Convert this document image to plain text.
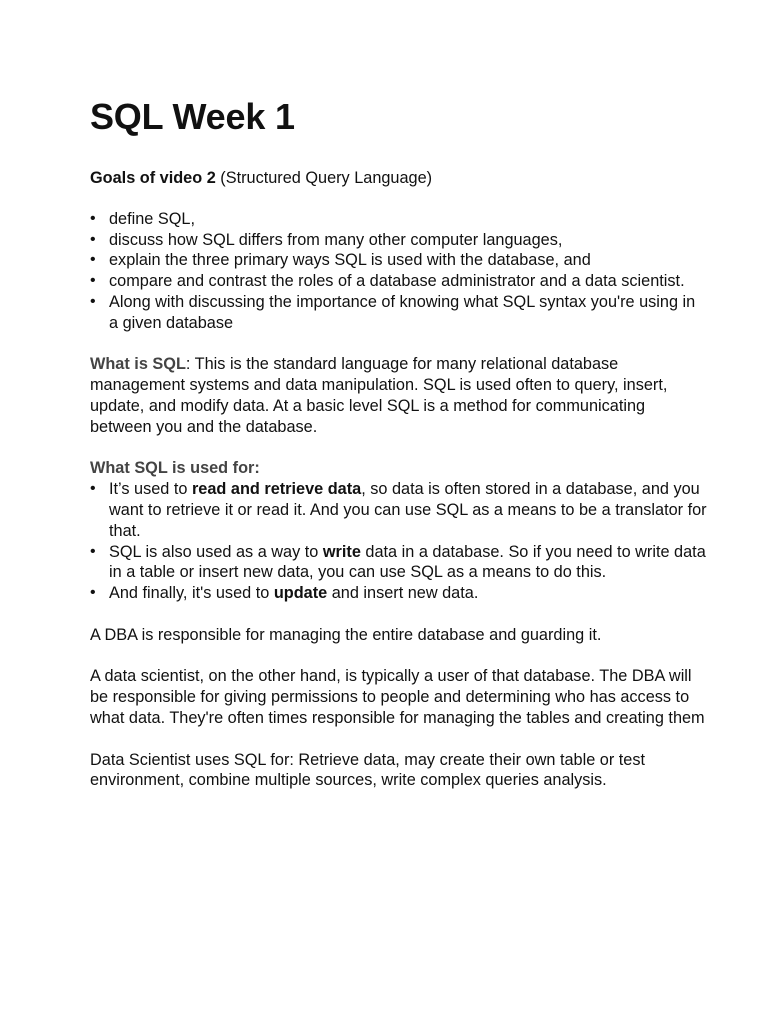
SQL Week 1

Goals of video 2 (Structured Query Language)

• define SQL,
• discuss how SQL differs from many other computer languages,
• explain the three primary ways SQL is used with the database, and
• compare and contrast the roles of a database administrator and a data scientist.
• Along with discussing the importance of knowing what SQL syntax you're using in a given database

What is SQL: This is the standard language for many relational database management systems and data manipulation. SQL is used often to query, insert, update, and modify data. At a basic level SQL is a method for communicating between you and the database.

What SQL is used for:

• It’s used to read and retrieve data, so data is often stored in a database, and you want to retrieve it or read it. And you can use SQL as a means to be a translator for that.
• SQL is also used as a way to write data in a database. So if you need to write data in a table or insert new data, you can use SQL as a means to do this.
• And finally, it's used to update and insert new data.

A DBA is responsible for managing the entire database and guarding it.

A data scientist, on the other hand, is typically a user of that database. The DBA will be responsible for giving permissions to people and determining who has access to what data. They're often times responsible for managing the tables and creating them

Data Scientist uses SQL for: Retrieve data, may create their own table or test environment, combine multiple sources, write complex queries analysis.
